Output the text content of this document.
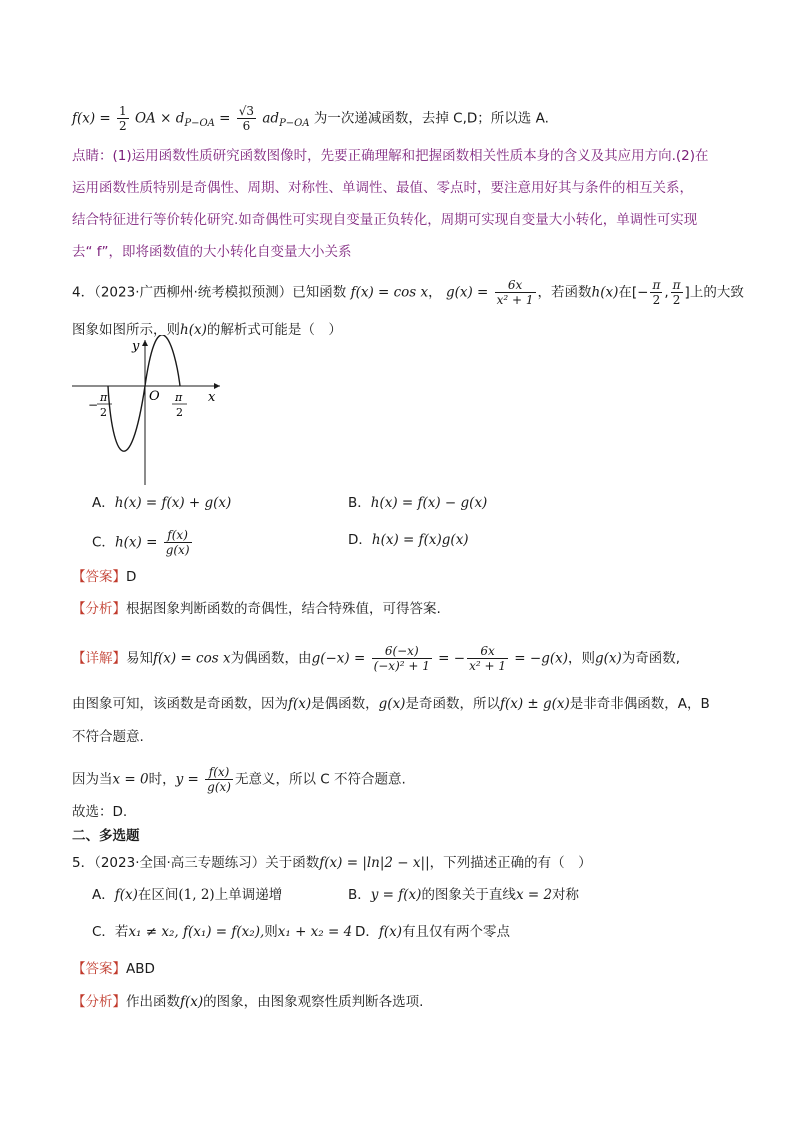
$f(x) = \frac{1}{2}$ OA × $d_{P-OA} = \frac{√3}{6} ad_{P-OA}$ 为一次递减函数，去掉 C,D；所以选 A.
点睛：(1)运用函数性质研究函数图像时，先要正确理解和把握函数相关性质本身的含义及其应用方向.(2)在
运用函数性质特别是奇偶性、周期、对称性、单调性、最值、零点时，要注意用好其与条件的相互关系，
结合特征进行等价转化研究.如奇偶性可实现自变量正负转化，周期可实现自变量大小转化，单调性可实现
去“ f”，即将函数值的大小转化自变量大小关系
4．（2023·广西柳州·统考模拟预测）已知函数 f(x) = cos x， $g(x) = \frac{6x}{\text{x² + 1}}$ ，若函数h(x)在[− $\frac{\pi}{2}$ , $\frac{\pi}{2}$ ]上的大致
图象如图所示，则h(x)的解析式可能是（　）
y
x
O
−
π
2
π
2
A．h(x) = f(x) + g(x)	B．h(x) = f(x) − g(x)
C．$h(x) = \frac{f(x)}{g(x)}$	D．h(x) = f(x)g(x)
【答案】D
【分析】根据图象判断函数的奇偶性，结合特殊值，可得答案.
【详解】易知f(x) = cos x为偶函数，由$g(-x) = \frac{6(-x)}{\text{(−x)² + 1}}$ = − $\frac{6x}{\text{x² + 1}} = -g(x)$，则g(x)为奇函数,
由图象可知，该函数是奇函数，因为f(x)是偶函数，g(x)是奇函数，所以f(x) ± g(x)是非奇非偶函数，A，B
不符合题意.
因为当x = 0时，$y = \frac{f(x)}{g(x)}$ 无意义，所以 C 不符合题意.
故选：D.
二、多选题
5．（2023·全国·高三专题练习）关于函数f(x) = |ln|2 − x||，下列描述正确的有（　）
A．f(x)在区间(1, 2)上单调递增	B．y = f(x)的图象关于直线x = 2对称
C．若x₁ ≠ x₂, f(x₁) = f(x₂),则x₁ + x₂ = 4 D．f(x)有且仅有两个零点
【答案】ABD
【分析】作出函数f(x)的图象，由图象观察性质判断各选项.
